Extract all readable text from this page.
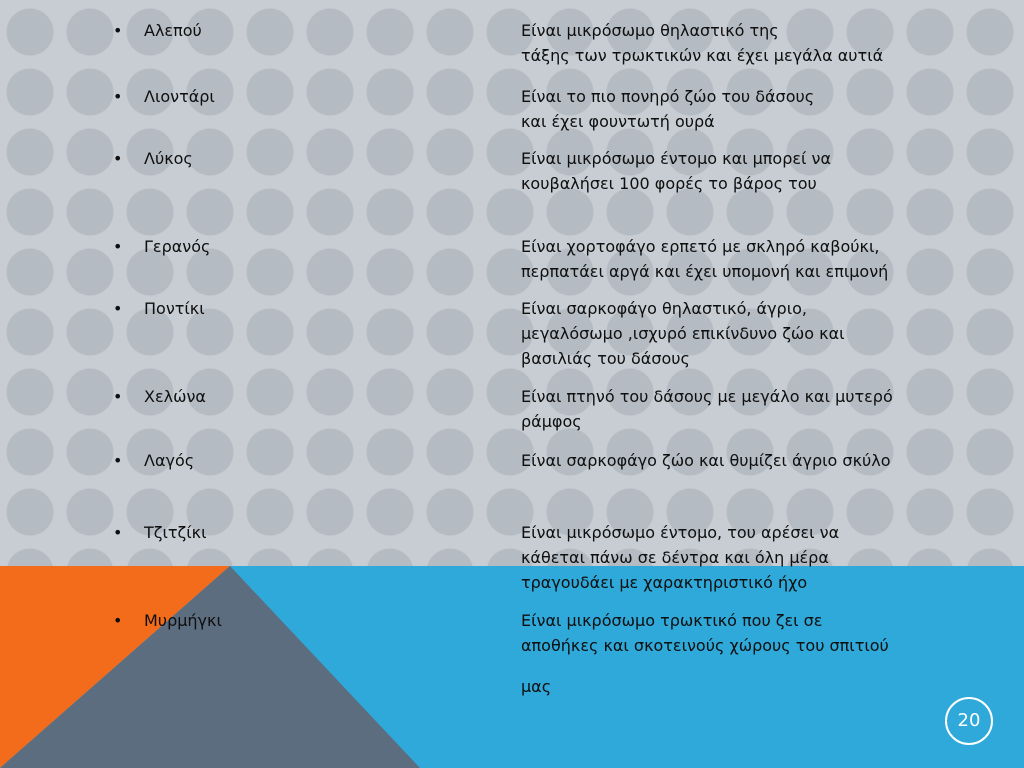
• Αλεπού	Είναι μικρόσωμο θηλαστικό της
τάξης των τρωκτικών και έχει μεγάλα αυτιά
• Λιοντάρι	Είναι το πιο πονηρό ζώο του δάσους
και έχει φουντωτή ουρά
• Λύκος	Είναι μικρόσωμο έντομο και μπορεί να
κουβαλήσει 100 φορές το βάρος του
• Γερανός	Είναι χορτοφάγο ερπετό με σκληρό καβούκι,
περπατάει αργά και έχει υπομονή και επιμονή
• Ποντίκι	Είναι σαρκοφάγο θηλαστικό, άγριο,
μεγαλόσωμο ,ισχυρό επικίνδυνο ζώο και
βασιλιάς του δάσους
• Χελώνα	Είναι πτηνό του δάσους με μεγάλο και μυτερό
ράμφος
• Λαγός	Είναι σαρκοφάγο ζώο και θυμίζει άγριο σκύλο
• Τζιτζίκι	Είναι μικρόσωμο έντομο, του αρέσει να
κάθεται πάνω σε δέντρα και όλη μέρα
τραγουδάει με χαρακτηριστικό ήχο
• Μυρμήγκι	Είναι μικρόσωμο τρωκτικό που ζει σε
αποθήκες και σκοτεινούς χώρους του σπιτιού
μας
20
